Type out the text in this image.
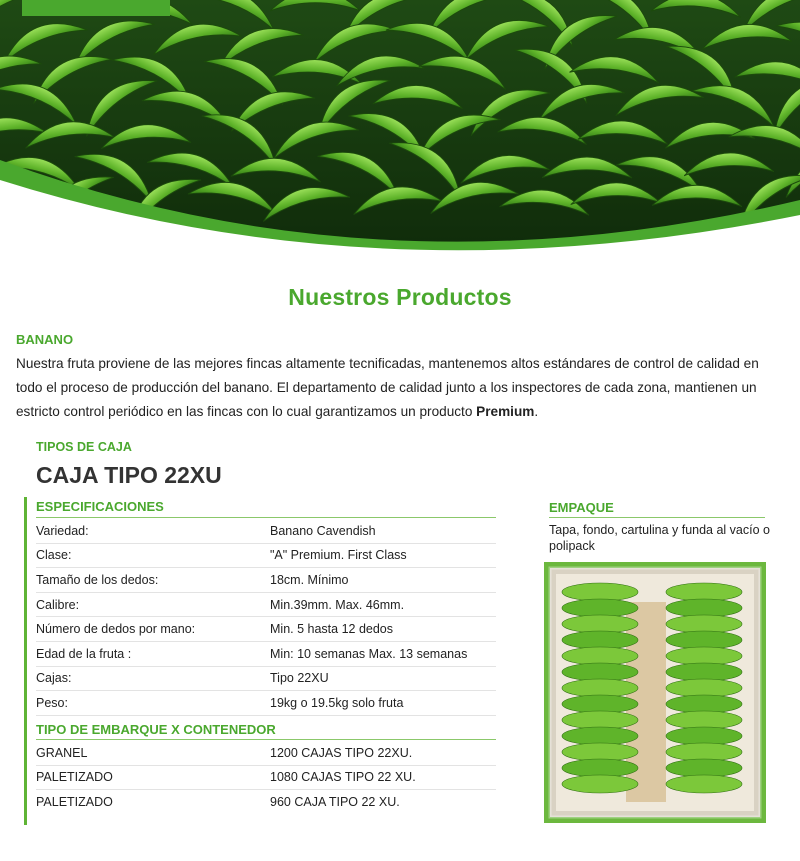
Nuestros Productos
BANANO
Nuestra fruta proviene de las mejores fincas altamente tecnificadas, mantenemos altos estándares de control de calidad en todo el proceso de producción del banano. El departamento de calidad junto a los inspectores de cada zona, mantienen un estricto control periódico en las fincas con lo cual garantizamos un producto Premium.
TIPOS DE CAJA
CAJA TIPO 22XU
ESPECIFICACIONES
Variedad:	Banano Cavendish
Clase:	"A" Premium. First Class
Tamaño de los dedos:	18cm. Mínimo
Calibre:	Min.39mm. Max. 46mm.
Número de dedos por mano:	Min. 5 hasta 12 dedos
Edad de la fruta :	Min: 10 semanas Max. 13 semanas
Cajas:	Tipo 22XU
Peso:	19kg o 19.5kg solo fruta
TIPO DE EMBARQUE X CONTENEDOR
GRANEL	1200 CAJAS TIPO 22XU.
PALETIZADO	1080 CAJAS TIPO 22 XU.
PALETIZADO	960 CAJA TIPO 22 XU.
EMPAQUE
Tapa, fondo, cartulina y funda al vacío o polipack
